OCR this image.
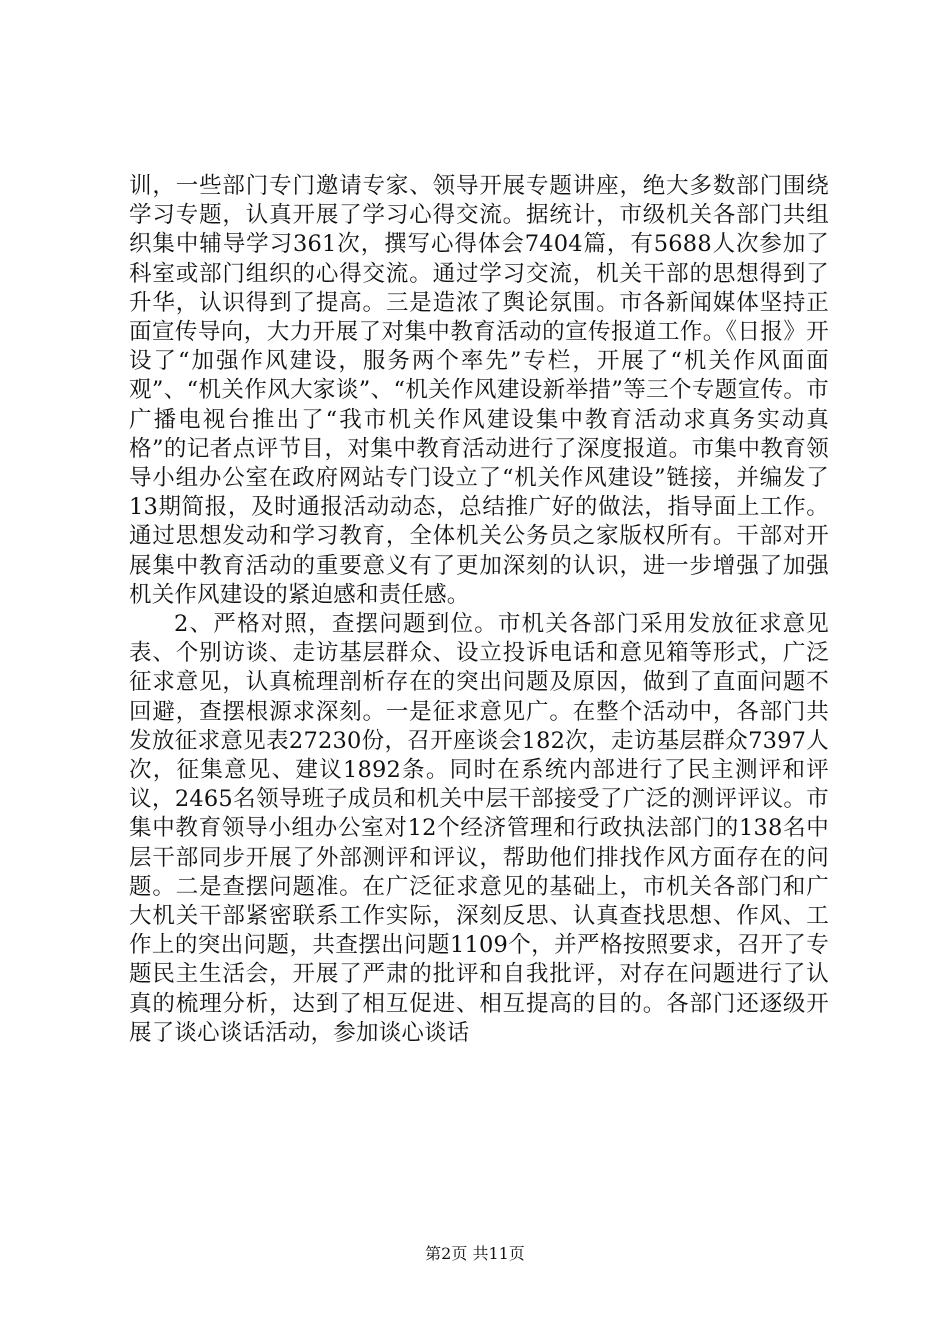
训，一些部门专门邀请专家、领导开展专题讲座，绝大多数部门围绕学习专题，认真开展了学习心得交流。据统计，市级机关各部门共组织集中辅导学习361次，撰写心得体会7404篇，有5688人次参加了科室或部门组织的心得交流。通过学习交流，机关干部的思想得到了升华，认识得到了提高。三是造浓了舆论氛围。市各新闻媒体坚持正面宣传导向，大力开展了对集中教育活动的宣传报道工作。《日报》开设了“加强作风建设，服务两个率先”专栏，开展了“机关作风面面观”、“机关作风大家谈”、“机关作风建设新举措”等三个专题宣传。市广播电视台推出了“我市机关作风建设集中教育活动求真务实动真格”的记者点评节目，对集中教育活动进行了深度报道。市集中教育领导小组办公室在政府网站专门设立了“机关作风建设”链接，并编发了13期简报，及时通报活动动态，总结推广好的做法，指导面上工作。通过思想发动和学习教育，全体机关公务员之家版权所有。干部对开展集中教育活动的重要意义有了更加深刻的认识，进一步增强了加强机关作风建设的紧迫感和责任感。

2、严格对照，查摆问题到位。市机关各部门采用发放征求意见表、个别访谈、走访基层群众、设立投诉电话和意见箱等形式，广泛征求意见，认真梳理剖析存在的突出问题及原因，做到了直面问题不回避，查摆根源求深刻。一是征求意见广。在整个活动中，各部门共发放征求意见表27230份，召开座谈会182次，走访基层群众7397人次，征集意见、建议1892条。同时在系统内部进行了民主测评和评议，2465名领导班子成员和机关中层干部接受了广泛的测评评议。市集中教育领导小组办公室对12个经济管理和行政执法部门的138名中层干部同步开展了外部测评和评议，帮助他们排找作风方面存在的问题。二是查摆问题准。在广泛征求意见的基础上，市机关各部门和广大机关干部紧密联系工作实际，深刻反思、认真查找思想、作风、工作上的突出问题，共查摆出问题1109个，并严格按照要求，召开了专题民主生活会，开展了严肃的批评和自我批评，对存在问题进行了认真的梳理分析，达到了相互促进、相互提高的目的。各部门还逐级开展了谈心谈话活动，参加谈心谈话

第2页 共11页
